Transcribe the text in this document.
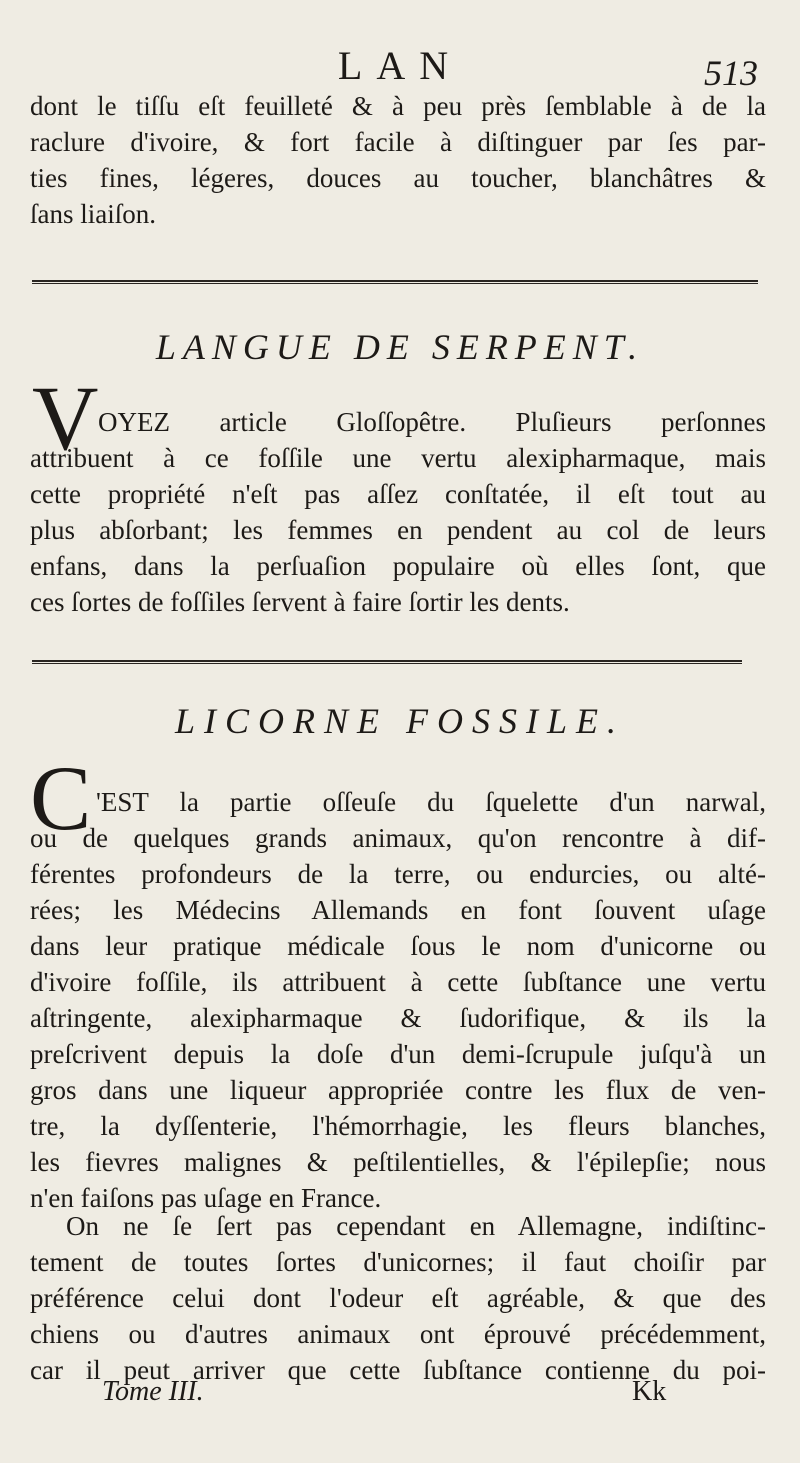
LAN	513
dont le tiſſu eſt feuilleté & à peu près ſemblable à de la
raclure d'ivoire, & fort facile à diſtinguer par ſes par-
ties fines, légeres, douces au toucher, blanchâtres &
ſans liaiſon.
LANGUE DE SERPENT.
V OYEZ article Gloſſopêtre. Pluſieurs perſonnes
attribuent à ce foſſile une vertu alexipharmaque, mais
cette propriété n'eſt pas aſſez conſtatée, il eſt tout au
plus abſorbant; les femmes en pendent au col de leurs
enfans, dans la perſuaſion populaire où elles ſont, que
ces ſortes de foſſiles ſervent à faire ſortir les dents.
LICORNE FOSSILE.
C 'EST la partie oſſeuſe du ſquelette d'un narwal,
ou de quelques grands animaux, qu'on rencontre à dif-
férentes profondeurs de la terre, ou endurcies, ou alté-
rées; les Médecins Allemands en font ſouvent uſage
dans leur pratique médicale ſous le nom d'unicorne ou
d'ivoire foſſile, ils attribuent à cette ſubſtance une vertu
aſtringente, alexipharmaque & ſudorifique, & ils la
preſcrivent depuis la doſe d'un demi-ſcrupule juſqu'à un
gros dans une liqueur appropriée contre les flux de ven-
tre, la dyſſenterie, l'hémorrhagie, les fleurs blanches,
les fievres malignes & peſtilentielles, & l'épilepſie; nous
n'en faiſons pas uſage en France.
On ne ſe ſert pas cependant en Allemagne, indiſtinc-
tement de toutes ſortes d'unicornes; il faut choiſir par
préférence celui dont l'odeur eſt agréable, & que des
chiens ou d'autres animaux ont éprouvé précédemment,
car il peut arriver que cette ſubſtance contienne du poi-
Tome III.	Kk
